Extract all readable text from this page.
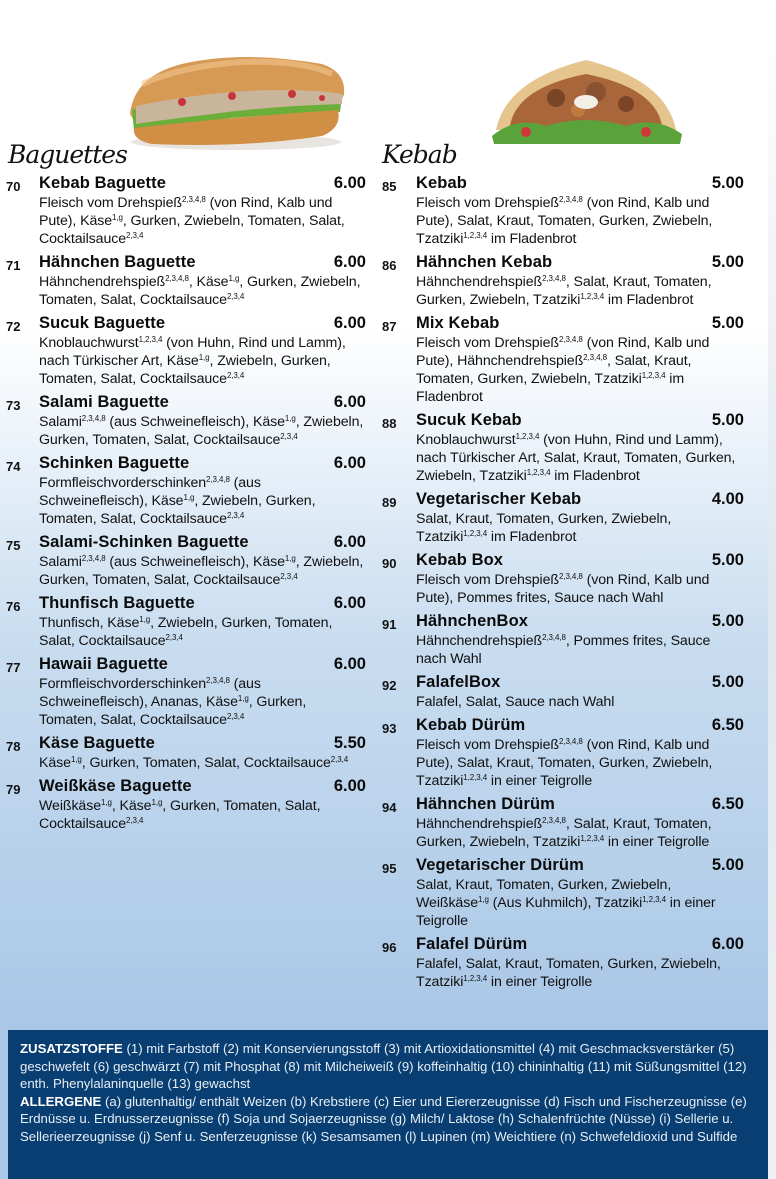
Baguettes	Kebab
70 Kebab Baguette	6.00
Fleisch vom Drehspieß$^{2,3,4,8}$ (von Rind, Kalb und Pute), Käse$^{1,g}$, Gurken, Zwiebeln, Tomaten, Salat, Cocktailsauce$^{2,3,4}$
71 Hähnchen Baguette	6.00
Hähnchendrehspieß$^{2,3,4,8}$, Käse$^{1,g}$, Gurken, Zwiebeln, Tomaten, Salat, Cocktailsauce$^{2,3,4}$
72 Sucuk Baguette	6.00
Knoblauchwurst$^{1,2,3,4}$ (von Huhn, Rind und Lamm), nach Türkischer Art, Käse$^{1,g}$, Zwiebeln, Gurken, Tomaten, Salat, Cocktailsauce$^{2,3,4}$
73 Salami Baguette	6.00
Salami$^{2,3,4,8}$ (aus Schweinefleisch), Käse$^{1,g}$, Zwiebeln, Gurken, Tomaten, Salat, Cocktailsauce$^{2,3,4}$
74 Schinken Baguette	6.00
Formfleischvorderschinken$^{2,3,4,8}$ (aus Schweinefleisch), Käse$^{1,g}$, Zwiebeln, Gurken, Tomaten, Salat, Cocktailsauce$^{2,3,4}$
75 Salami-Schinken Baguette	6.00
Salami$^{2,3,4,8}$ (aus Schweinefleisch), Käse$^{1,g}$, Zwiebeln, Gurken, Tomaten, Salat, Cocktailsauce$^{2,3,4}$
76 Thunfisch Baguette	6.00
Thunfisch, Käse$^{1,g}$, Zwiebeln, Gurken, Tomaten, Salat, Cocktailsauce$^{2,3,4}$
77 Hawaii Baguette	6.00
Formfleischvorderschinken$^{2,3,4,8}$ (aus Schweinefleisch), Ananas, Käse$^{1,g}$, Gurken, Tomaten, Salat, Cocktailsauce$^{2,3,4}$
78 Käse Baguette	5.50
Käse$^{1,g}$, Gurken, Tomaten, Salat, Cocktailsauce$^{2,3,4}$
79 Weißkäse Baguette	6.00
Weißkäse$^{1,g}$, Käse$^{1,g}$, Gurken, Tomaten, Salat, Cocktailsauce$^{2,3,4}$
85 Kebab	5.00
Fleisch vom Drehspieß$^{2,3,4,8}$ (von Rind, Kalb und Pute), Salat, Kraut, Tomaten, Gurken, Zwiebeln, Tzatziki$^{1,2,3,4}$ im Fladenbrot
86 Hähnchen Kebab	5.00
Hähnchendrehspieß$^{2,3,4,8}$, Salat, Kraut, Tomaten, Gurken, Zwiebeln, Tzatziki$^{1,2,3,4}$ im Fladenbrot
87 Mix Kebab	5.00
Fleisch vom Drehspieß$^{2,3,4,8}$ (von Rind, Kalb und Pute), Hähnchendrehspieß$^{2,3,4,8}$, Salat, Kraut, Tomaten, Gurken, Zwiebeln, Tzatziki$^{1,2,3,4}$ im Fladenbrot
88 Sucuk Kebab	5.00
Knoblauchwurst$^{1,2,3,4}$ (von Huhn, Rind und Lamm), nach Türkischer Art, Salat, Kraut, Tomaten, Gurken, Zwiebeln, Tzatziki$^{1,2,3,4}$ im Fladenbrot
89 Vegetarischer Kebab	4.00
Salat, Kraut, Tomaten, Gurken, Zwiebeln, Tzatziki$^{1,2,3,4}$ im Fladenbrot
90 Kebab Box	5.00
Fleisch vom Drehspieß$^{2,3,4,8}$ (von Rind, Kalb und Pute), Pommes frites, Sauce nach Wahl
91 HähnchenBox	5.00
Hähnchendrehspieß$^{2,3,4,8}$, Pommes frites, Sauce nach Wahl
92 FalafelBox	5.00
Falafel, Salat, Sauce nach Wahl
93 Kebab Dürüm	6.50
Fleisch vom Drehspieß$^{2,3,4,8}$ (von Rind, Kalb und Pute), Salat, Kraut, Tomaten, Gurken, Zwiebeln, Tzatziki$^{1,2,3,4}$ in einer Teigrolle
94 Hähnchen Dürüm	6.50
Hähnchendrehspieß$^{2,3,4,8}$, Salat, Kraut, Tomaten, Gurken, Zwiebeln, Tzatziki$^{1,2,3,4}$ in einer Teigrolle
95 Vegetarischer Dürüm	5.00
Salat, Kraut, Tomaten, Gurken, Zwiebeln, Weißkäse$^{1,g}$ (Aus Kuhmilch), Tzatziki$^{1,2,3,4}$ in einer Teigrolle
96 Falafel Dürüm	6.00
Falafel, Salat, Kraut, Tomaten, Gurken, Zwiebeln, Tzatziki$^{1,2,3,4}$ in einer Teigrolle
ZUSATZSTOFFE (1) mit Farbstoff (2) mit Konservierungsstoff (3) mit Artioxidationsmittel (4) mit Geschmacksverstärker (5) geschwefelt (6) geschwärzt (7) mit Phosphat (8) mit Milcheiweiß (9) koffeinhaltig (10) chininhaltig (11) mit Süßungsmittel (12) enth. Phenylalaninquelle (13) gewachst
ALLERGENE (a) glutenhaltig/ enthält Weizen (b) Krebstiere (c) Eier und Eiererzeugnisse (d) Fisch und Fischerzeugnisse (e) Erdnüsse u. Erdnusserzeugnisse (f) Soja und Sojaerzeugnisse (g) Milch/ Laktose (h) Schalenfrüchte (Nüsse) (i) Sellerie u. Sellerieerzeugnisse (j) Senf u. Senferzeugnisse (k) Sesamsamen (l) Lupinen (m) Weichtiere (n) Schwefeldioxid und Sulfide
